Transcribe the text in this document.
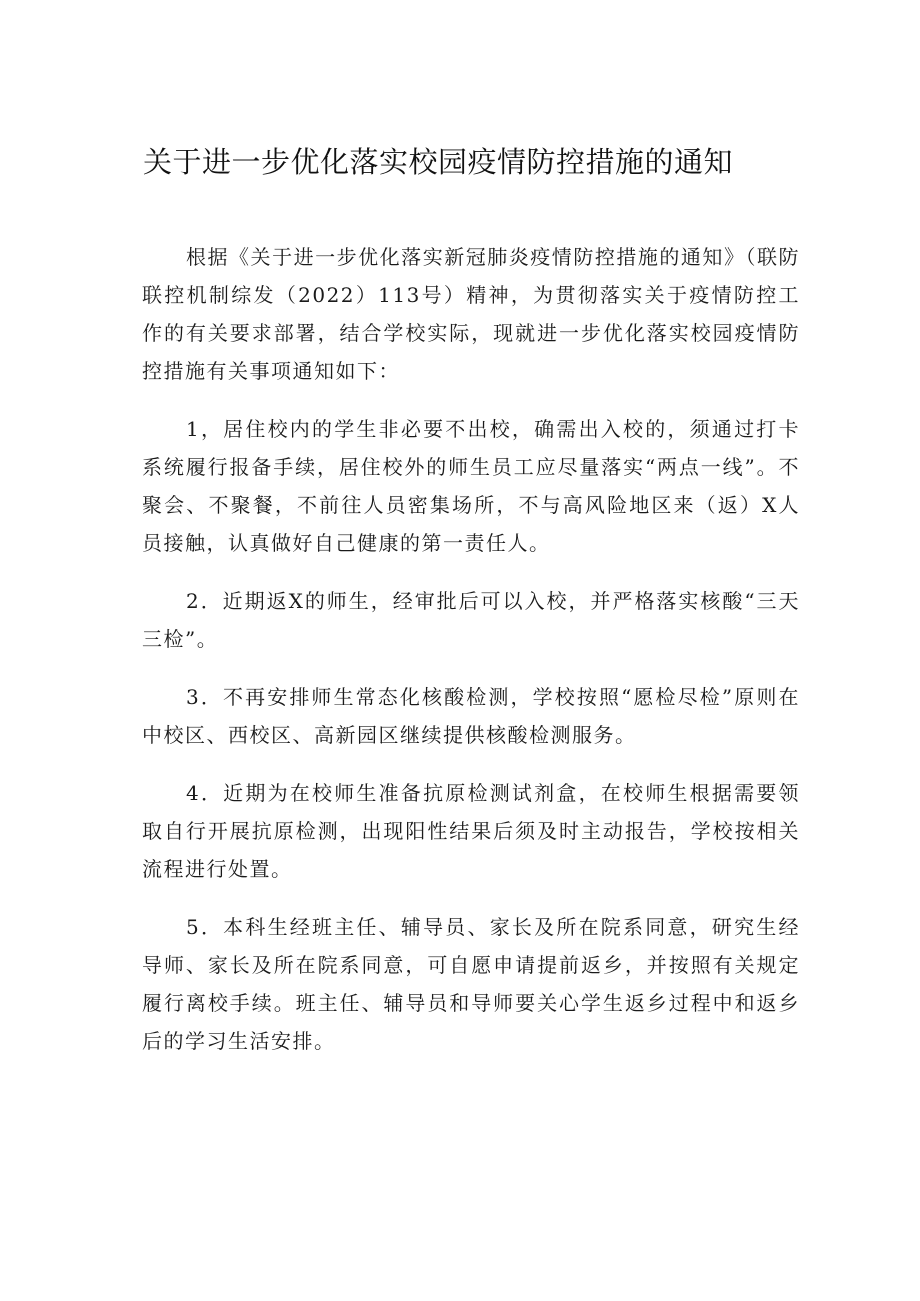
关于进一步优化落实校园疫情防控措施的通知

根据《关于进一步优化落实新冠肺炎疫情防控措施的通知》（联防联控机制综发（2022）113号）精神，为贯彻落实关于疫情防控工作的有关要求部署，结合学校实际，现就进一步优化落实校园疫情防控措施有关事项通知如下：

1，居住校内的学生非必要不出校，确需出入校的，须通过打卡系统履行报备手续，居住校外的师生员工应尽量落实“两点一线”。不聚会、不聚餐，不前往人员密集场所，不与高风险地区来（返）X人员接触，认真做好自己健康的第一责任人。

2．近期返X的师生，经审批后可以入校，并严格落实核酸“三天三检”。

3．不再安排师生常态化核酸检测，学校按照“愿检尽检”原则在中校区、西校区、高新园区继续提供核酸检测服务。

4．近期为在校师生准备抗原检测试剂盒，在校师生根据需要领取自行开展抗原检测，出现阳性结果后须及时主动报告，学校按相关流程进行处置。

5．本科生经班主任、辅导员、家长及所在院系同意，研究生经导师、家长及所在院系同意，可自愿申请提前返乡，并按照有关规定履行离校手续。班主任、辅导员和导师要关心学生返乡过程中和返乡后的学习生活安排。
